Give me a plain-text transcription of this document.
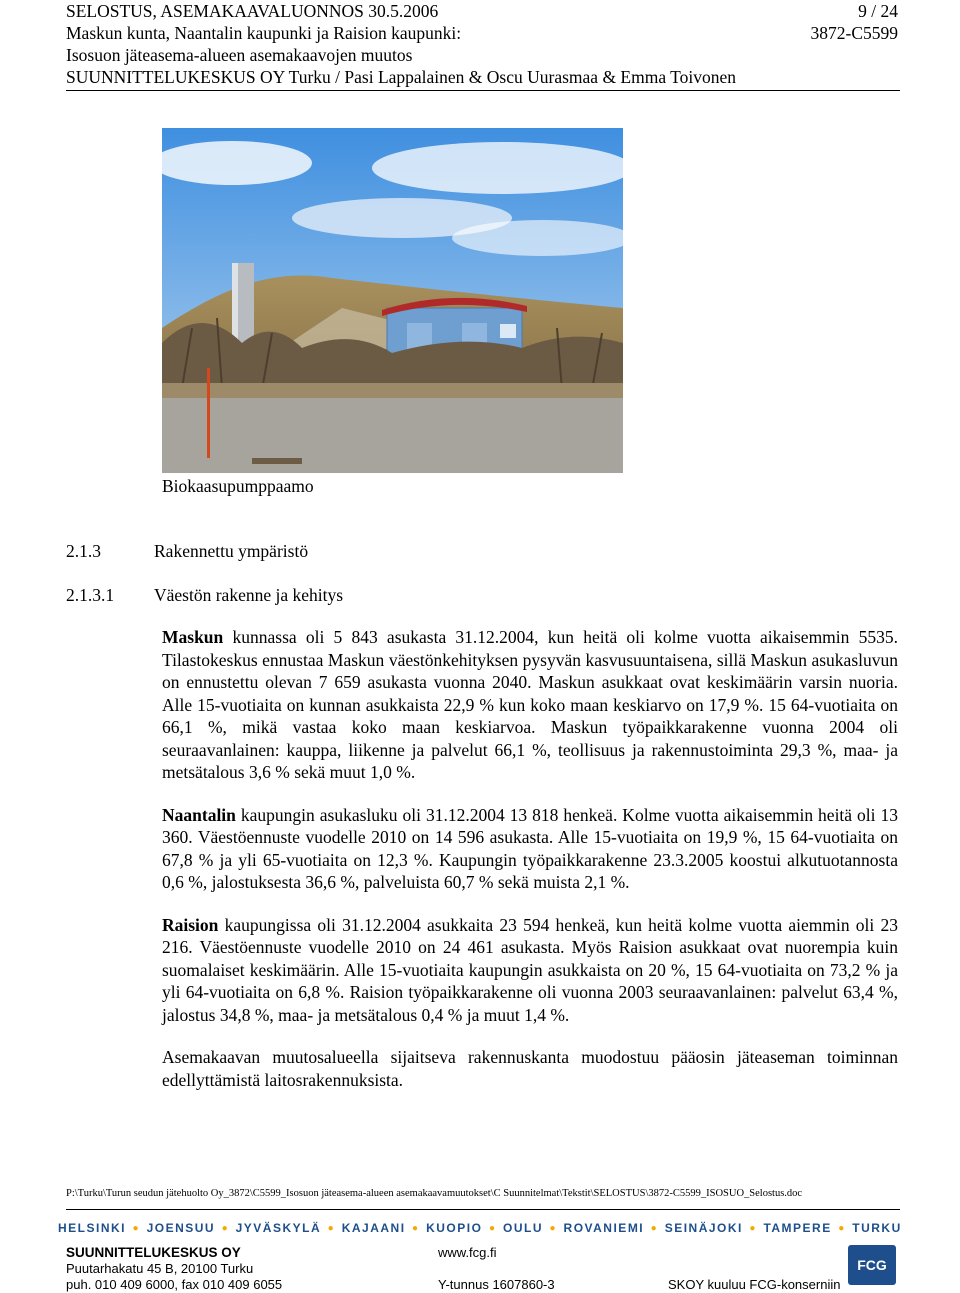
SELOSTUS, ASEMAKAAVALUONNOS 30.5.2006	9 / 24
Maskun kunta, Naantalin kaupunki ja Raision kaupunki:	3872-C5599
Isosuon jäteasema-alueen asemakaavojen muutos
SUUNNITTELUKESKUS OY Turku / Pasi Lappalainen & Oscu Uurasmaa & Emma Toivonen
Biokaasupumppaamo
2.1.3	Rakennettu ympäristö
2.1.3.1 Väestön rakenne ja kehitys

Maskun kunnassa oli 5 843 asukasta 31.12.2004, kun heitä oli kolme vuotta aikaisemmin 5535. Tilastokeskus ennustaa Maskun väestönkehityksen pysyvän kasvusuuntaisena, sillä Maskun asukasluvun on ennustettu olevan 7 659 asukasta vuonna 2040. Maskun asukkaat ovat keskimäärin varsin nuoria. Alle 15-vuotiaita on kunnan asukkaista 22,9 % kun koko maan keskiarvo on 17,9 %. 15 64-vuotiaita on 66,1 %, mikä vastaa koko maan keskiarvoa. Maskun työpaikkarakenne vuonna 2004 oli seuraavanlainen: kauppa, liikenne ja palvelut 66,1 %, teollisuus ja rakennustoiminta 29,3 %, maa- ja metsätalous 3,6 % sekä muut 1,0 %.

Naantalin kaupungin asukasluku oli 31.12.2004 13 818 henkeä. Kolme vuotta aikaisemmin heitä oli 13 360. Väestöennuste vuodelle 2010 on 14 596 asukasta. Alle 15-vuotiaita on 19,9 %, 15 64-vuotiaita on 67,8 % ja yli 65-vuotiaita on 12,3 %. Kaupungin työpaikkarakenne 23.3.2005 koostui alkutuotannosta 0,6 %, jalostuksesta 36,6 %, palveluista 60,7 % sekä muista 2,1 %.

Raision kaupungissa oli 31.12.2004 asukkaita 23 594 henkeä, kun heitä kolme vuotta aiemmin oli 23 216. Väestöennuste vuodelle 2010 on 24 461 asukasta. Myös Raision asukkaat ovat nuorempia kuin suomalaiset keskimäärin. Alle 15-vuotiaita kaupungin asukkaista on 20 %, 15 64-vuotiaita on 73,2 % ja yli 64-vuotiaita on 6,8 %. Raision työpaikkarakenne oli vuonna 2003 seuraavanlainen: palvelut 63,4 %, jalostus 34,8 %, maa- ja metsätalous 0,4 % ja muut 1,4 %.

Asemakaavan muutosalueella sijaitseva rakennuskanta muodostuu pääosin jäteaseman toiminnan edellyttämistä laitosrakennuksista.

P:\Turku\Turun seudun jätehuolto Oy_3872\C5599_Isosuon jäteasema-alueen asemakaavamuutokset\C Suunnitelmat\Tekstit\SELOSTUS\3872-C5599_ISOSUO_Selostus.doc
HELSINKI ● JOENSUU ● JYVÄSKYLÄ ● KAJAANI ● KUOPIO ● OULU ● ROVANIEMI ● SEINÄJOKI ● TAMPERE ● TURKU
SUUNNITTELUKESKUS OY
Puutarhakatu 45 B, 20100 Turku
puh. 010 409 6000, fax 010 409 6055
www.fcg.fi
Y-tunnus 1607860-3	SKOY kuuluu FCG-konserniin
FCG
